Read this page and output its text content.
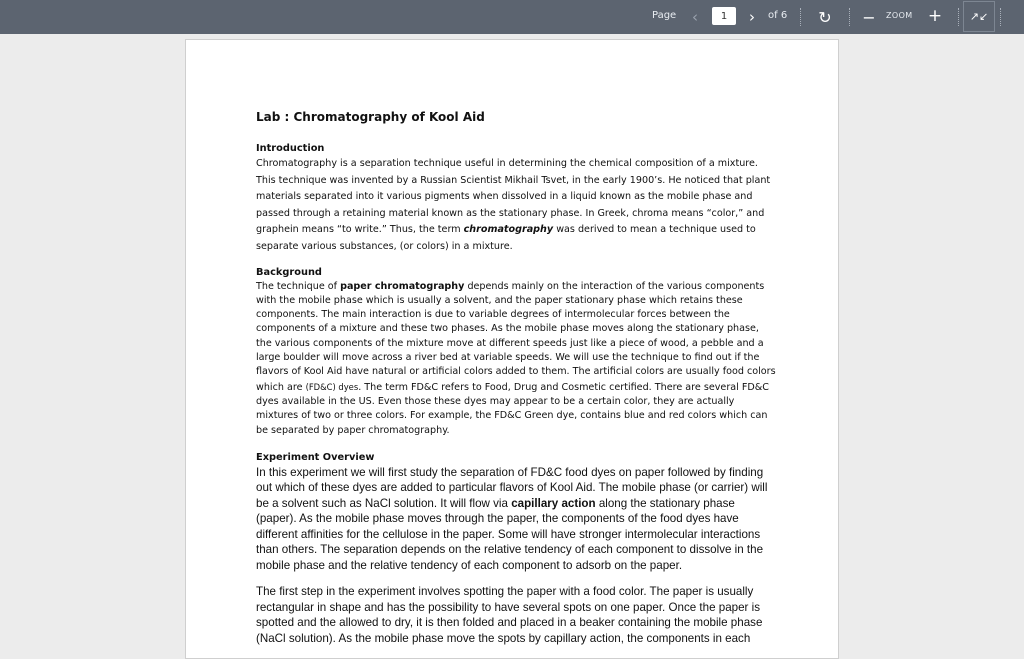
Page ‹
1	› of 6 ↻ − ZOOM +	↗↙

Lab : Chromatography of Kool Aid

Introduction

Chromatography is a separation technique useful in determining the chemical composition of a mixture. This technique was invented by a Russian Scientist Mikhail Tsvet, in the early 1900’s. He noticed that plant materials separated into it various pigments when dissolved in a liquid known as the mobile phase and passed through a retaining material known as the stationary phase. In Greek, chroma means “color,” and graphein means “to write.” Thus, the term chromatography was derived to mean a technique used to separate various substances, (or colors) in a mixture.

Background

The technique of paper chromatography depends mainly on the interaction of the various components with the mobile phase which is usually a solvent, and the paper stationary phase which retains these components. The main interaction is due to variable degrees of intermolecular forces between the components of a mixture and these two phases. As the mobile phase moves along the stationary phase, the various components of the mixture move at different speeds just like a piece of wood, a pebble and a large boulder will move across a river bed at variable speeds. We will use the technique to find out if the flavors of Kool Aid have natural or artificial colors added to them. The artificial colors are usually food colors which are (FD&C) dyes. The term FD&C refers to Food, Drug and Cosmetic certified. There are several FD&C dyes available in the US. Even those these dyes may appear to be a certain color, they are actually mixtures of two or three colors. For example, the FD&C Green dye, contains blue and red colors which can be separated by paper chromatography.

Experiment Overview

In this experiment we will first study the separation of FD&C food dyes on paper followed by finding out which of these dyes are added to particular flavors of Kool Aid. The mobile phase (or carrier) will be a solvent such as NaCl solution. It will flow via capillary action along the stationary phase (paper). As the mobile phase moves through the paper, the components of the food dyes have different affinities for the cellulose in the paper. Some will have stronger intermolecular interactions than others. The separation depends on the relative tendency of each component to dissolve in the mobile phase and the relative tendency of each component to adsorb on the paper.

The first step in the experiment involves spotting the paper with a food color. The paper is usually rectangular in shape and has the possibility to have several spots on one paper. Once the paper is spotted and the allowed to dry, it is then folded and placed in a beaker containing the mobile phase (NaCl solution). As the mobile phase move the spots by capillary action, the components in each
